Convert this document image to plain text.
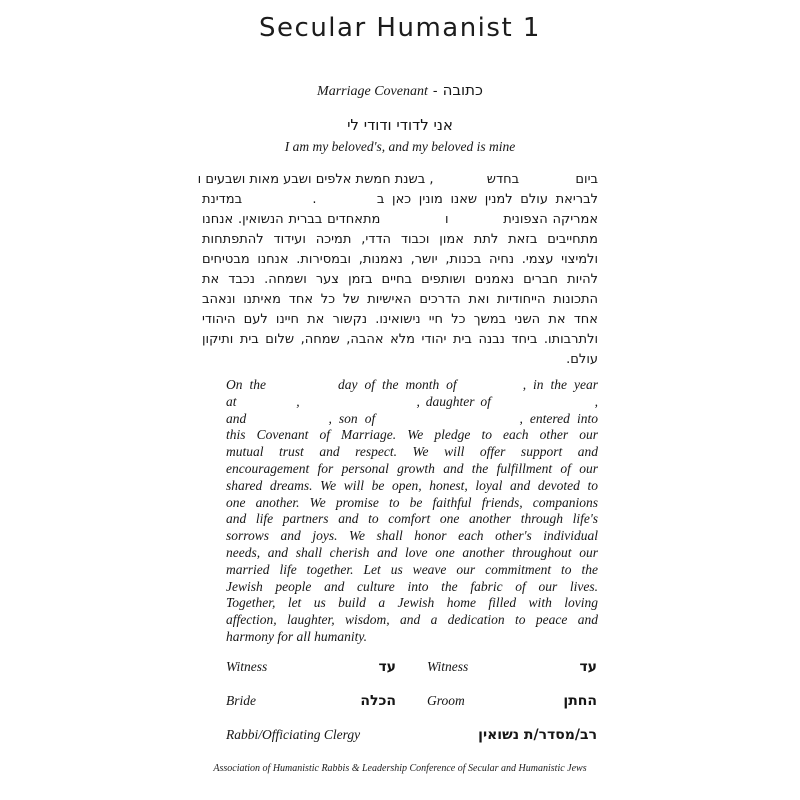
Secular Humanist 1
Marriage Covenant - כתובה
אני לדודי ודודי לי
I am my beloved's, and my beloved is mine
ביום  בחדש  , בשנת חמשת אלפים ושבע מאות ושבעים ו
לבריאת עולם למנין שאנו מונין כאן ב  .  במדינת
אמריקה הצפונית  ו  מתאחדים בברית הנשואין. אנחנו
מתחייבים בזאת לתת אמון וכבוד הדדי, תמיכה ועידוד להתפתחות
ולמיצוי עצמי. נחיה בכנות, יושר, נאמנות, ובמסירות. אנחנו מבטיחים
להיות חברים נאמנים ושותפים בחיים בזמן צער ושמחה. נכבד את
התכונות הייחודיות ואת הדרכים האישיות של כל אחד מאיתנו ונאהב
אחד את השני במשך כל חיי נישואינו. נקשור את חיינו לעם היהודי
ולתרבותו. ביחד נבנה בית יהודי מלא אהבה, שמחה, שלום בית ותיקון
עולם.
On the	day of the month of	, in the year
at	,	, daughter of	,
and	, son of	, entered into
this Covenant of Marriage. We pledge to each other our
mutual trust and respect. We will offer support and
encouragement for personal growth and the fulfillment of our
shared dreams. We will be open, honest, loyal and devoted to
one another. We promise to be faithful friends, companions
and life partners and to comfort one another through life's
sorrows and joys. We shall honor each other's individual
needs, and shall cherish and love one another throughout our
married life together. Let us weave our commitment to the
Jewish people and culture into the fabric of our lives.
Together, let us build a Jewish home filled with loving
affection, laughter, wisdom, and a dedication to peace and
harmony for all humanity.
Witness	עד Witness	עד
Bride	הכלה Groom	החתן
Rabbi/Officiating Clergy	רב/מסדר/ת נשואין
Association of Humanistic Rabbis & Leadership Conference of Secular and Humanistic Jews
